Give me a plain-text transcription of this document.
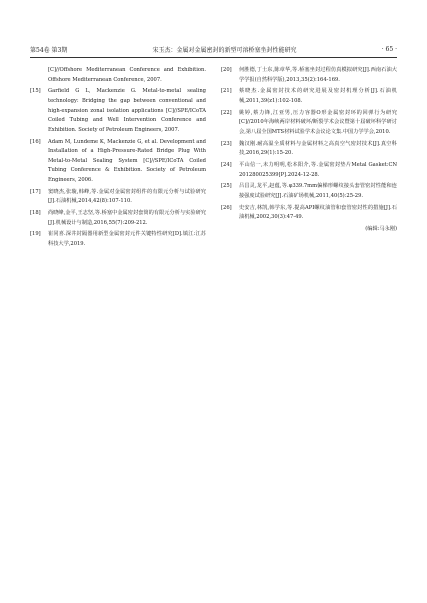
第54卷 第3期	宋玉杰：金属对金属密封的新型可溶桥塞坐封性能研究	· 65 ·
[C]//Offshore Mediterranean Conference and Exhibition. Offshore Mediterranean Conference, 2007.
[15]	Garfield G L, Mackenzie G. Metal-to-metal sealing technology: Bridging the gap between conventional and high-expansion zonal isolation applications [C]//SPE/ICoTA Coiled Tubing and Well Intervention Conference and Exhibition. Society of Petroleum Engineers, 2007.
[16]	Adam M, Lundeme K, Mackenzie G, et al. Development and Installation of a High-Pressure-Rated Bridge Plug With Metal-to-Metal Sealing System [C]//SPE/ICoTA Coiled Tubing Conference & Exhibition. Society of Petroleum Engineers, 2006.
[17]	窦晓杰,张璇,韩峰,等.金属对金属密封组件的有限元分析与试验研究[J].石油机械,2014,42(8):107-110.
[18]	尚晓峰,金平,王志坚,等.桥塞中金属密封套筒的有限元分析与实验研究[J].机械设计与制造,2016,55(7):209-212.
[19]	崔同喜.深井封隔器用新型金属密封元件关键特性研究[D].镇江:江苏科技大学,2019.
[20]	何胜德,丁士东,陈章华,等.桥塞坐封过程仿真模拟研究[J].西南石油大学学报(自然科学版),2013,35(2):164-169.
[21]	蔡晓杰.金属密封技术的研究进展及密封机理分析[J].石油机械,2011,39(z1):102-108.
[22]	姚婷,蔡力锋,江亚男,压力容器O形金属密封环的回弹行为研究[C]//2010年海峡两岸材料破坏/断裂学术会议暨第十届破坏科学研讨会,第八届全国MTS材料试验学术会议论文集.中国力学学会,2010.
[23]	魏汉刚.耐高温全质材料与金属材料之高真空气密封技术[J].真空科技,2016,29(1):15-20.
[24]	平山信一,未力明明,松本阳介,等.金属密封垫片Metal Gasket:CN 201280025399[P].2024-12-28.
[25]	吕昌灵,龙平,赵蕴,等.φ339.7mm偏梯形螺纹接头套管密封性能和连接强度试验研究[J].石油矿场机械,2011,40(5):25-29.
[26]	史安吉,林凯,韩学东,等.提高API螺纹油管和套管密封性的措施[J].石油机械,2002,30(3):47-49.
(编辑:马永刚)
